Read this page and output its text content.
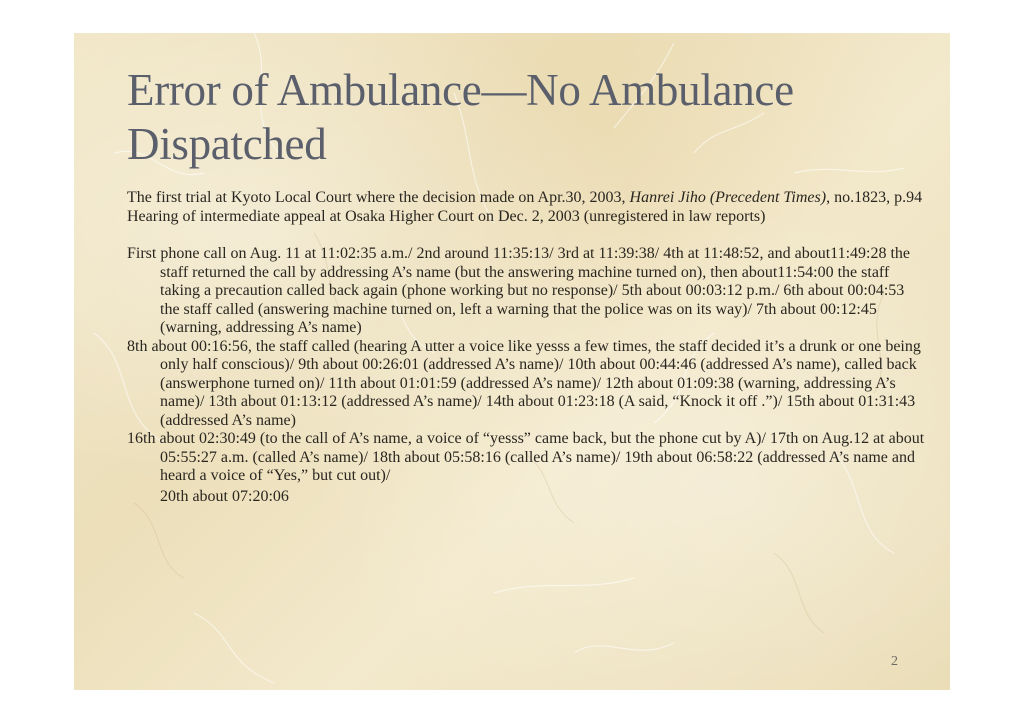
Error of Ambulance—No Ambulance Dispatched

The first trial at Kyoto Local Court where the decision made on Apr.30, 2003, Hanrei Jiho (Precedent Times), no.1823, p.94

Hearing of intermediate appeal at Osaka Higher Court on Dec. 2, 2003 (unregistered in law reports)

First phone call on Aug. 11 at 11:02:35 a.m./ 2nd around 11:35:13/ 3rd at 11:39:38/ 4th at 11:48:52, and about11:49:28 the staff returned the call by addressing A’s name (but the answering machine turned on), then about11:54:00 the staff taking a precaution called back again (phone working but no response)/ 5th about 00:03:12 p.m./ 6th about 00:04:53 the staff called (answering machine turned on, left a warning that the police was on its way)/ 7th about 00:12:45 (warning, addressing A’s name)

8th about 00:16:56, the staff called (hearing A utter a voice like yesss a few times, the staff decided it’s a drunk or one being only half conscious)/ 9th about 00:26:01 (addressed A’s name)/ 10th about 00:44:46 (addressed A’s name), called back (answerphone turned on)/ 11th about 01:01:59 (addressed A’s name)/ 12th about 01:09:38 (warning, addressing A’s name)/ 13th about 01:13:12 (addressed A’s name)/ 14th about 01:23:18 (A said, “Knock it off .”)/ 15th about 01:31:43 (addressed A’s name)

16th about 02:30:49 (to the call of A’s name, a voice of “yesss” came back, but the phone cut by A)/ 17th on Aug.12 at about 05:55:27 a.m. (called A’s name)/ 18th about 05:58:16 (called A’s name)/ 19th about 06:58:22 (addressed A’s name and heard a voice of “Yes,” but cut out)/

20th about 07:20:06

2
